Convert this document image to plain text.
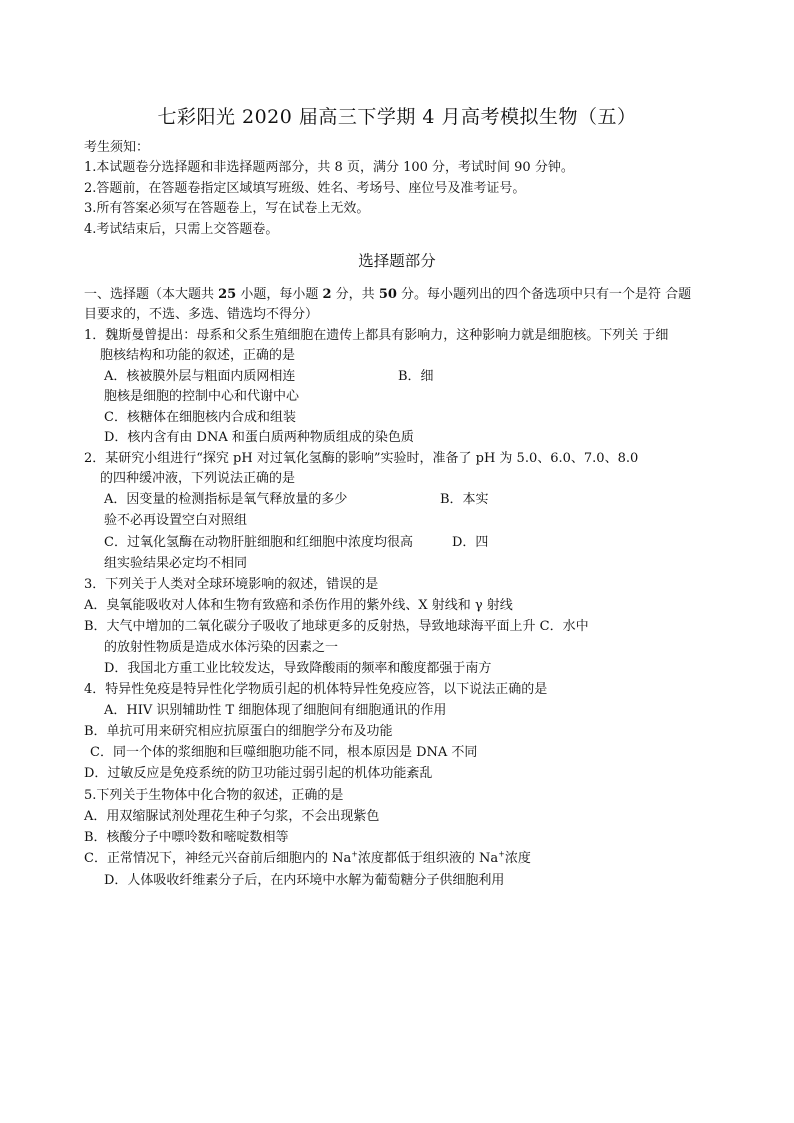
七彩阳光 2020 届高三下学期 4 月高考模拟生物（五）
考生须知：
1.本试题卷分选择题和非选择题两部分，共 8 页，满分 100 分，考试时间 90 分钟。
2.答题前，在答题卷指定区域填写班级、姓名、考场号、座位号及准考证号。
3.所有答案必须写在答题卷上，写在试卷上无效。
4.考试结束后，只需上交答题卷。
选择题部分
一、选择题（本大题共 25 小题，每小题 2 分，共 50 分。每小题列出的四个备选项中只有一个是符 合题
目要求的，不选、多选、错选均不得分）
1．魏斯曼曾提出：母系和父系生殖细胞在遗传上都具有影响力，这种影响力就是细胞核。下列关 于细
胞核结构和功能的叙述，正确的是
A．核被膜外层与粗面内质网相连	B．细
胞核是细胞的控制中心和代谢中心
C．核糖体在细胞核内合成和组装
D．核内含有由 DNA 和蛋白质两种物质组成的染色质
2．某研究小组进行“探究 pH 对过氧化氢酶的影响”实验时，准备了 pH 为 5.0、6.0、7.0、8.0
的四种缓冲液，下列说法正确的是
A．因变量的检测指标是氧气释放量的多少	B．本实
验不必再设置空白对照组
C．过氧化氢酶在动物肝脏细胞和红细胞中浓度均很高	D．四
组实验结果必定均不相同
3．下列关于人类对全球环境影响的叙述，错误的是
A．臭氧能吸收对人体和生物有致癌和杀伤作用的紫外线、X 射线和 γ 射线
B．大气中增加的二氧化碳分子吸收了地球更多的反射热，导致地球海平面上升 C．水中
的放射性物质是造成水体污染的因素之一
D．我国北方重工业比较发达，导致降酸雨的频率和酸度都强于南方
4．特异性免疫是特异性化学物质引起的机体特异性免疫应答，以下说法正确的是
A．HIV 识别辅助性 T 细胞体现了细胞间有细胞通讯的作用
B．单抗可用来研究相应抗原蛋白的细胞学分布及功能
C．同一个体的浆细胞和巨噬细胞功能不同，根本原因是 DNA 不同
D．过敏反应是免疫系统的防卫功能过弱引起的机体功能紊乱
5.下列关于生物体中化合物的叙述，正确的是
A．用双缩脲试剂处理花生种子匀浆，不会出现紫色
B．核酸分子中嘌呤数和嘧啶数相等
C．正常情况下，神经元兴奋前后细胞内的 Na+浓度都低于组织液的 Na+浓度
D．人体吸收纤维素分子后，在内环境中水解为葡萄糖分子供细胞利用
